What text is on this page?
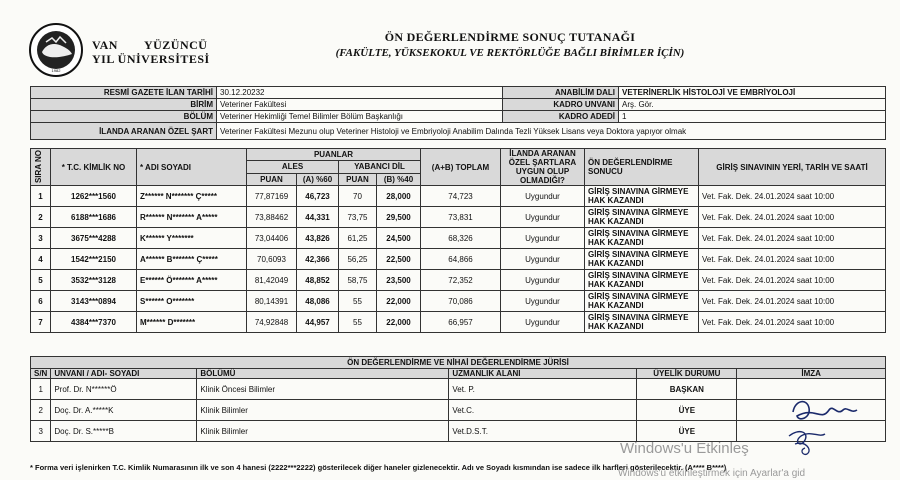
1982
VAN YÜZÜNCÜ
YIL ÜNİVERSİTESİ
ÖN DEĞERLENDİRME SONUÇ TUTANAĞI
(FAKÜLTE, YÜKSEKOKUL VE REKTÖRLÜĞE BAĞLI BİRİMLER İÇİN)
RESMİ GAZETE İLAN TARİHİ	30.12.20232	ANABİLİM DALI	VETERİNERLİK HİSTOLOJİ VE EMBRİYOLOJİ
BİRİM	Veteriner Fakültesi	KADRO UNVANI	Arş. Gör.
BÖLÜM	Veteriner Hekimliği Temel Bilimler Bölüm Başkanlığı	KADRO ADEDİ	1
İLANDA ARANAN ÖZEL ŞART	Veteriner Fakültesi Mezunu olup Veteriner Histoloji ve Embriyoloji Anabilim Dalında Tezli Yüksek Lisans veya Doktora yapıyor olmak		
SIRA NO	* T.C. KİMLİK NO	* ADI SOYADI	PUANLAR				(A+B) TOPLAM	İLANDA ARANAN ÖZEL ŞARTLARA UYGUN OLUP OLMADIĞI?	ÖN DEĞERLENDİRME SONUCU	GİRİŞ SINAVININ YERİ, TARİH VE SAATİ
			ALES		YABANCI DİL					
			PUAN	(A) %60	PUAN	(B) %40				
1	1262***1560	Z****** N******* Ç*****	77,87169	46,723	70	28,000	74,723	Uygundur	GİRİŞ SINAVINA GİRMEYE HAK KAZANDI	Vet. Fak. Dek. 24.01.2024 saat 10:00
2	6188***1686	R****** N******* A*****	73,88462	44,331	73,75	29,500	73,831	Uygundur	GİRİŞ SINAVINA GİRMEYE HAK KAZANDI	Vet. Fak. Dek. 24.01.2024 saat 10:00
3	3675***4288	K****** Y*******	73,04406	43,826	61,25	24,500	68,326	Uygundur	GİRİŞ SINAVINA GİRMEYE HAK KAZANDI	Vet. Fak. Dek. 24.01.2024 saat 10:00
4	1542***2150	A****** B******* Ç*****	70,6093	42,366	56,25	22,500	64,866	Uygundur	GİRİŞ SINAVINA GİRMEYE HAK KAZANDI	Vet. Fak. Dek. 24.01.2024 saat 10:00
5	3532***3128	E****** Ö******* A*****	81,42049	48,852	58,75	23,500	72,352	Uygundur	GİRİŞ SINAVINA GİRMEYE HAK KAZANDI	Vet. Fak. Dek. 24.01.2024 saat 10:00
6	3143***0894	S****** O*******	80,14391	48,086	55	22,000	70,086	Uygundur	GİRİŞ SINAVINA GİRMEYE HAK KAZANDI	Vet. Fak. Dek. 24.01.2024 saat 10:00
7	4384***7370	M****** D*******	74,92848	44,957	55	22,000	66,957	Uygundur	GİRİŞ SINAVINA GİRMEYE HAK KAZANDI	Vet. Fak. Dek. 24.01.2024 saat 10:00
ÖN DEĞERLENDİRME VE NİHAİ DEĞERLENDİRME JÜRİSİ
S/N	UNVANI / ADI- SOYADI	BÖLÜMÜ	UZMANLIK ALANI	ÜYELİK DURUMU	İMZA
1	Prof. Dr. N******Ö	Klinik Öncesi Bilimler	Vet. P.	BAŞKAN	
2	Doç. Dr. A.*****K	Klinik Bilimler	Vet.C.	ÜYE	
3	Doç. Dr. S.*****B	Klinik Bilimler	Vet.D.S.T.	ÜYE	
* Forma veri işlenirken T.C. Kimlik Numarasının ilk ve son 4 hanesi (2222***2222) gösterilecek diğer haneler gizlenecektir. Adı ve Soyadı kısmından ise sadece ilk harfleri gösterilecektir. (A**** B****)
Windows'u Etkinleş
Windows'u etkinleştirmek için Ayarlar'a gid
